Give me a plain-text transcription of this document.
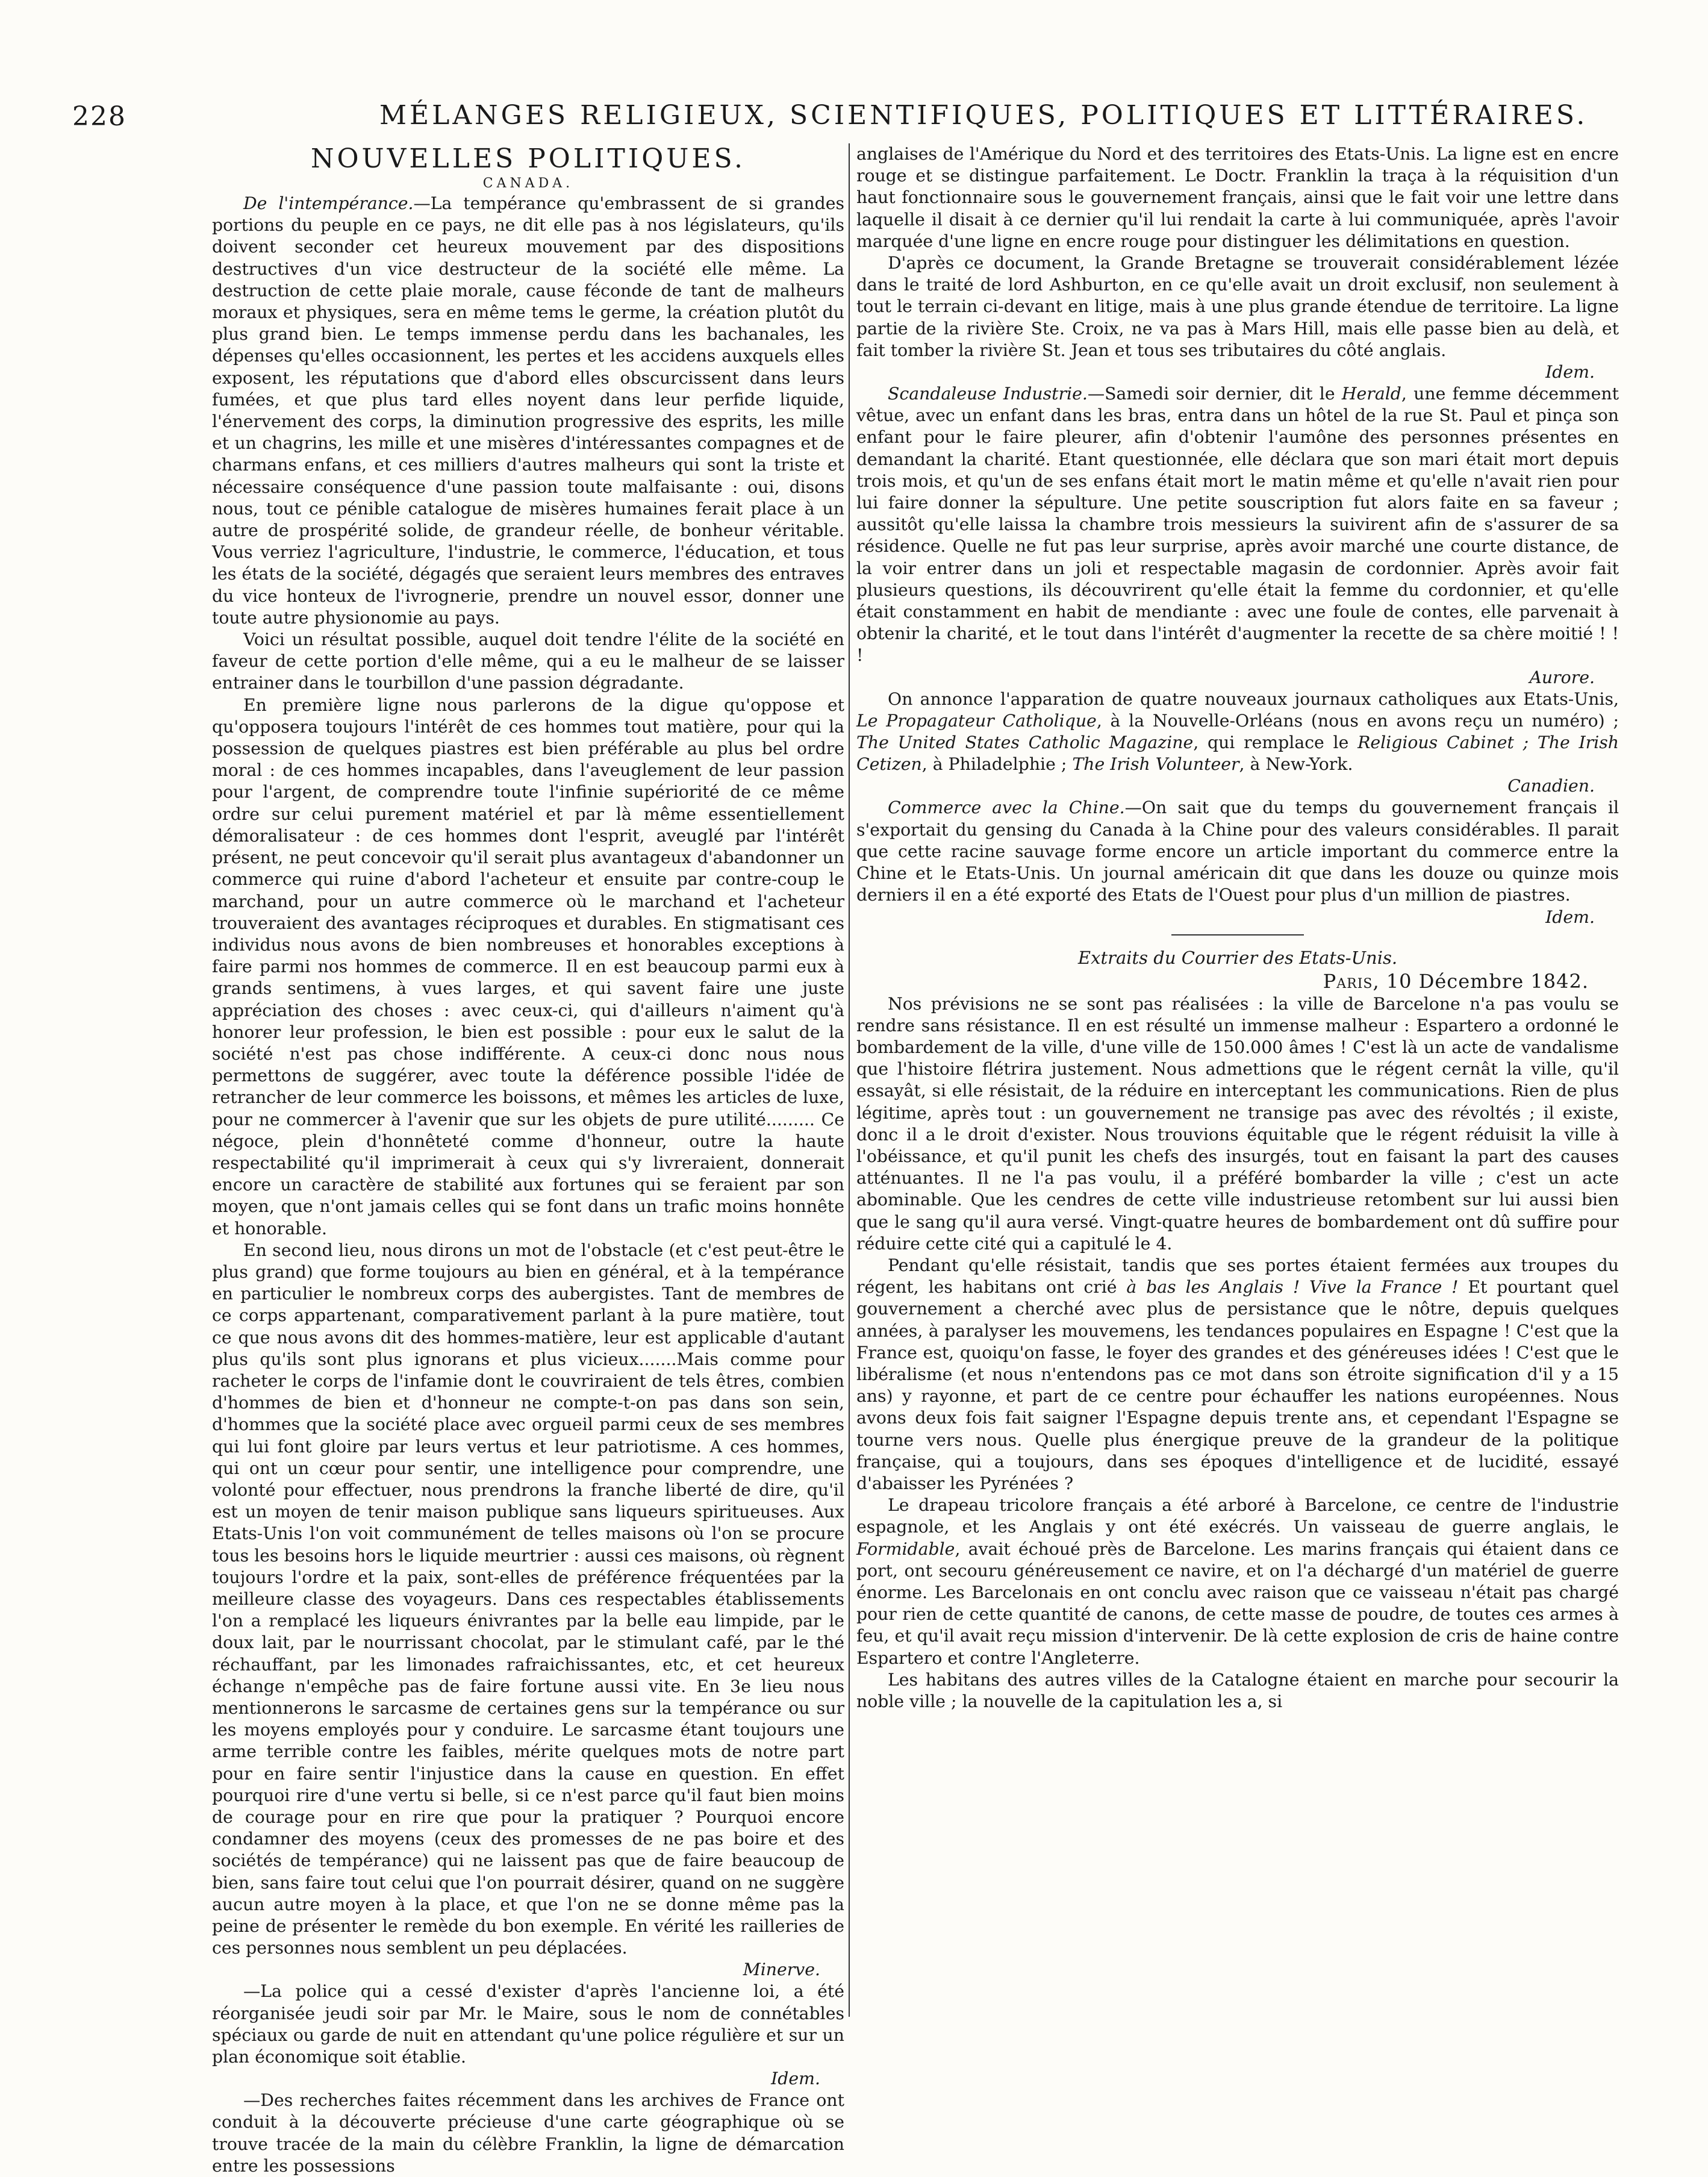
228	MÉLANGES RELIGIEUX, SCIENTIFIQUES, POLITIQUES ET LITTÉRAIRES.

NOUVELLES POLITIQUES.

CANADA.

De l'intempérance.—La tempérance qu'embrassent de si grandes portions du peuple en ce pays, ne dit elle pas à nos législateurs, qu'ils doivent seconder cet heureux mouvement par des dispositions destructives d'un vice destructeur de la société elle même. La destruction de cette plaie morale, cause féconde de tant de malheurs moraux et physiques, sera en même tems le germe, la création plutôt du plus grand bien. Le temps immense perdu dans les bachanales, les dépenses qu'elles occasionnent, les pertes et les accidens auxquels elles exposent, les réputations que d'abord elles obscurcissent dans leurs fumées, et que plus tard elles noyent dans leur perfide liquide, l'énervement des corps, la diminution progressive des esprits, les mille et un chagrins, les mille et une misères d'intéressantes compagnes et de charmans enfans, et ces milliers d'autres malheurs qui sont la triste et nécessaire conséquence d'une passion toute malfaisante : oui, disons nous, tout ce pénible catalogue de misères humaines ferait place à un autre de prospérité solide, de grandeur réelle, de bonheur véritable. Vous verriez l'agriculture, l'industrie, le commerce, l'éducation, et tous les états de la société, dégagés que seraient leurs membres des entraves du vice honteux de l'ivrognerie, prendre un nouvel essor, donner une toute autre physionomie au pays.

Voici un résultat possible, auquel doit tendre l'élite de la société en faveur de cette portion d'elle même, qui a eu le malheur de se laisser entrainer dans le tourbillon d'une passion dégradante.

En première ligne nous parlerons de la digue qu'oppose et qu'opposera toujours l'intérêt de ces hommes tout matière, pour qui la possession de quelques piastres est bien préférable au plus bel ordre moral : de ces hommes incapables, dans l'aveuglement de leur passion pour l'argent, de comprendre toute l'infinie supériorité de ce même ordre sur celui purement matériel et par là même essentiellement démoralisateur : de ces hommes dont l'esprit, aveuglé par l'intérêt présent, ne peut concevoir qu'il serait plus avantageux d'abandonner un commerce qui ruine d'abord l'acheteur et ensuite par contre-coup le marchand, pour un autre commerce où le marchand et l'acheteur trouveraient des avantages réciproques et durables. En stigmatisant ces individus nous avons de bien nombreuses et honorables exceptions à faire parmi nos hommes de commerce. Il en est beaucoup parmi eux à grands sentimens, à vues larges, et qui savent faire une juste appréciation des choses : avec ceux-ci, qui d'ailleurs n'aiment qu'à honorer leur profession, le bien est possible : pour eux le salut de la société n'est pas chose indifférente. A ceux-ci donc nous nous permettons de suggérer, avec toute la déférence possible l'idée de retrancher de leur commerce les boissons, et mêmes les articles de luxe, pour ne commercer à l'avenir que sur les objets de pure utilité......... Ce négoce, plein d'honnêteté comme d'honneur, outre la haute respectabilité qu'il imprimerait à ceux qui s'y livreraient, donnerait encore un caractère de stabilité aux fortunes qui se feraient par son moyen, que n'ont jamais celles qui se font dans un trafic moins honnête et honorable.

En second lieu, nous dirons un mot de l'obstacle (et c'est peut-être le plus grand) que forme toujours au bien en général, et à la tempérance en particulier le nombreux corps des aubergistes. Tant de membres de ce corps appartenant, comparativement parlant à la pure matière, tout ce que nous avons dit des hommes-matière, leur est applicable d'autant plus qu'ils sont plus ignorans et plus vicieux.......Mais comme pour racheter le corps de l'infamie dont le couvriraient de tels êtres, combien d'hommes de bien et d'honneur ne compte-t-on pas dans son sein, d'hommes que la société place avec orgueil parmi ceux de ses membres qui lui font gloire par leurs vertus et leur patriotisme. A ces hommes, qui ont un cœur pour sentir, une intelligence pour comprendre, une volonté pour effectuer, nous prendrons la franche liberté de dire, qu'il est un moyen de tenir maison publique sans liqueurs spiritueuses. Aux Etats-Unis l'on voit communément de telles maisons où l'on se procure tous les besoins hors le liquide meurtrier : aussi ces maisons, où règnent toujours l'ordre et la paix, sont-elles de préférence fréquentées par la meilleure classe des voyageurs. Dans ces respectables établissements l'on a remplacé les liqueurs énivrantes par la belle eau limpide, par le doux lait, par le nourrissant chocolat, par le stimulant café, par le thé réchauffant, par les limonades rafraichissantes, etc, et cet heureux échange n'empêche pas de faire fortune aussi vite. En 3e lieu nous mentionnerons le sarcasme de certaines gens sur la tempérance ou sur les moyens employés pour y conduire. Le sarcasme étant toujours une arme terrible contre les faibles, mérite quelques mots de notre part pour en faire sentir l'injustice dans la cause en question. En effet pourquoi rire d'une vertu si belle, si ce n'est parce qu'il faut bien moins de courage pour en rire que pour la pratiquer ? Pourquoi encore condamner des moyens (ceux des promesses de ne pas boire et des sociétés de tempérance) qui ne laissent pas que de faire beaucoup de bien, sans faire tout celui que l'on pourrait désirer, quand on ne suggère aucun autre moyen à la place, et que l'on ne se donne même pas la peine de présenter le remède du bon exemple. En vérité les railleries de ces personnes nous semblent un peu déplacées.

Minerve.

—La police qui a cessé d'exister d'après l'ancienne loi, a été réorganisée jeudi soir par Mr. le Maire, sous le nom de connétables spéciaux ou garde de nuit en attendant qu'une police régulière et sur un plan économique soit établie.

Idem.

—Des recherches faites récemment dans les archives de France ont conduit à la découverte précieuse d'une carte géographique où se trouve tracée de la main du célèbre Franklin, la ligne de démarcation entre les possessions

anglaises de l'Amérique du Nord et des territoires des Etats-Unis. La ligne est en encre rouge et se distingue parfaitement. Le Doctr. Franklin la traça à la réquisition d'un haut fonctionnaire sous le gouvernement français, ainsi que le fait voir une lettre dans laquelle il disait à ce dernier qu'il lui rendait la carte à lui communiquée, après l'avoir marquée d'une ligne en encre rouge pour distinguer les délimitations en question.

D'après ce document, la Grande Bretagne se trouverait considérablement lézée dans le traité de lord Ashburton, en ce qu'elle avait un droit exclusif, non seulement à tout le terrain ci-devant en litige, mais à une plus grande étendue de territoire. La ligne partie de la rivière Ste. Croix, ne va pas à Mars Hill, mais elle passe bien au delà, et fait tomber la rivière St. Jean et tous ses tributaires du côté anglais.

Idem.

Scandaleuse Industrie.—Samedi soir dernier, dit le Herald, une femme décemment vêtue, avec un enfant dans les bras, entra dans un hôtel de la rue St. Paul et pinça son enfant pour le faire pleurer, afin d'obtenir l'aumône des personnes présentes en demandant la charité. Etant questionnée, elle déclara que son mari était mort depuis trois mois, et qu'un de ses enfans était mort le matin même et qu'elle n'avait rien pour lui faire donner la sépulture. Une petite souscription fut alors faite en sa faveur ; aussitôt qu'elle laissa la chambre trois messieurs la suivirent afin de s'assurer de sa résidence. Quelle ne fut pas leur surprise, après avoir marché une courte distance, de la voir entrer dans un joli et respectable magasin de cordonnier. Après avoir fait plusieurs questions, ils découvrirent qu'elle était la femme du cordonnier, et qu'elle était constamment en habit de mendiante : avec une foule de contes, elle parvenait à obtenir la charité, et le tout dans l'intérêt d'augmenter la recette de sa chère moitié ! ! !

Aurore.

On annonce l'apparation de quatre nouveaux journaux catholiques aux Etats-Unis, Le Propagateur Catholique, à la Nouvelle-Orléans (nous en avons reçu un numéro) ; The United States Catholic Magazine, qui remplace le Religious Cabinet ; The Irish Cetizen, à Philadelphie ; The Irish Volunteer, à New-York.

Canadien.

Commerce avec la Chine.—On sait que du temps du gouvernement français il s'exportait du gensing du Canada à la Chine pour des valeurs considérables. Il parait que cette racine sauvage forme encore un article important du commerce entre la Chine et le Etats-Unis. Un journal américain dit que dans les douze ou quinze mois derniers il en a été exporté des Etats de l'Ouest pour plus d'un million de piastres.

Idem.

Extraits du Courrier des Etats-Unis.

Paris, 10 Décembre 1842.

Nos prévisions ne se sont pas réalisées : la ville de Barcelone n'a pas voulu se rendre sans résistance. Il en est résulté un immense malheur : Espartero a ordonné le bombardement de la ville, d'une ville de 150.000 âmes ! C'est là un acte de vandalisme que l'histoire flétrira justement. Nous admettions que le régent cernât la ville, qu'il essayât, si elle résistait, de la réduire en interceptant les communications. Rien de plus légitime, après tout : un gouvernement ne transige pas avec des révoltés ; il existe, donc il a le droit d'exister. Nous trouvions équitable que le régent réduisit la ville à l'obéissance, et qu'il punit les chefs des insurgés, tout en faisant la part des causes atténuantes. Il ne l'a pas voulu, il a préféré bombarder la ville ; c'est un acte abominable. Que les cendres de cette ville industrieuse retombent sur lui aussi bien que le sang qu'il aura versé. Vingt-quatre heures de bombardement ont dû suffire pour réduire cette cité qui a capitulé le 4.

Pendant qu'elle résistait, tandis que ses portes étaient fermées aux troupes du régent, les habitans ont crié à bas les Anglais ! Vive la France ! Et pourtant quel gouvernement a cherché avec plus de persistance que le nôtre, depuis quelques années, à paralyser les mouvemens, les tendances populaires en Espagne ! C'est que la France est, quoiqu'on fasse, le foyer des grandes et des généreuses idées ! C'est que le libéralisme (et nous n'entendons pas ce mot dans son étroite signification d'il y a 15 ans) y rayonne, et part de ce centre pour échauffer les nations européennes. Nous avons deux fois fait saigner l'Espagne depuis trente ans, et cependant l'Espagne se tourne vers nous. Quelle plus énergique preuve de la grandeur de la politique française, qui a toujours, dans ses époques d'intelligence et de lucidité, essayé d'abaisser les Pyrénées ?

Le drapeau tricolore français a été arboré à Barcelone, ce centre de l'industrie espagnole, et les Anglais y ont été exécrés. Un vaisseau de guerre anglais, le Formidable, avait échoué près de Barcelone. Les marins français qui étaient dans ce port, ont secouru généreusement ce navire, et on l'a déchargé d'un matériel de guerre énorme. Les Barcelonais en ont conclu avec raison que ce vaisseau n'était pas chargé pour rien de cette quantité de canons, de cette masse de poudre, de toutes ces armes à feu, et qu'il avait reçu mission d'intervenir. De là cette explosion de cris de haine contre Espartero et contre l'Angleterre.

Les habitans des autres villes de la Catalogne étaient en marche pour secourir la noble ville ; la nouvelle de la capitulation les a, si
